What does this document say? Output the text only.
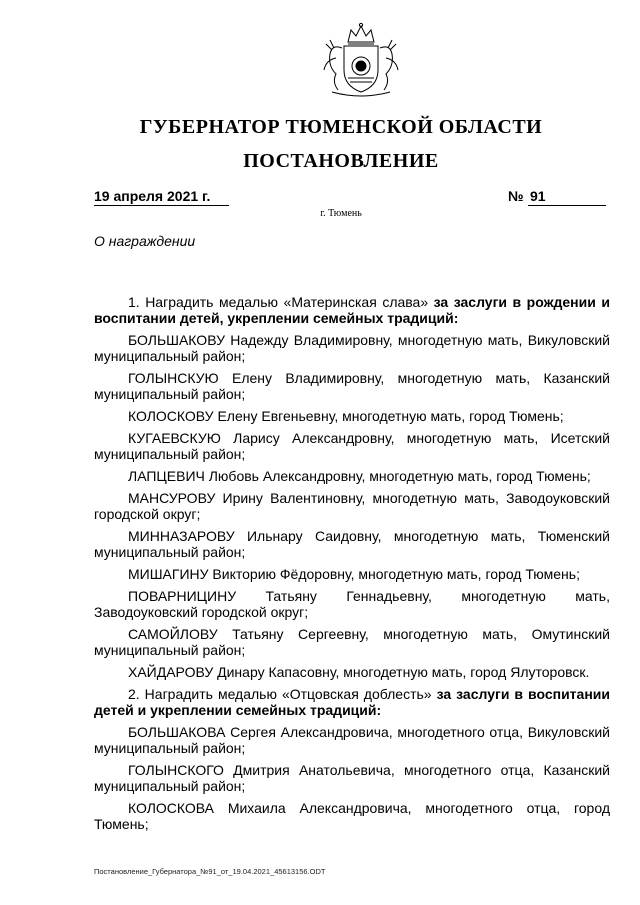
ГУБЕРНАТОР ТЮМЕНСКОЙ ОБЛАСТИ
ПОСТАНОВЛЕНИЕ
19 апреля 2021 г.	№ 91
г. Тюмень
О награждении
1. Наградить медалью «Материнская слава» за заслуги в рождении и воспитании детей, укреплении семейных традиций:
БОЛЬШАКОВУ Надежду Владимировну, многодетную мать, Викуловский муниципальный район;
ГОЛЫНСКУЮ Елену Владимировну, многодетную мать, Казанский муниципальный район;
КОЛОСКОВУ Елену Евгеньевну, многодетную мать, город Тюмень;
КУГАЕВСКУЮ Ларису Александровну, многодетную мать, Исетский муниципальный район;
ЛАПЦЕВИЧ Любовь Александровну, многодетную мать, город Тюмень;
МАНСУРОВУ Ирину Валентиновну, многодетную мать, Заводоуковский городской округ;
МИННАЗАРОВУ Ильнару Саидовну, многодетную мать, Тюменский муниципальный район;
МИШАГИНУ Викторию Фёдоровну, многодетную мать, город Тюмень;
ПОВАРНИЦИНУ Татьяну Геннадьевну, многодетную мать, Заводоуковский городской округ;
САМОЙЛОВУ Татьяну Сергеевну, многодетную мать, Омутинский муниципальный район;
ХАЙДАРОВУ Динару Капасовну, многодетную мать, город Ялуторовск.
2. Наградить медалью «Отцовская доблесть» за заслуги в воспитании детей и укреплении семейных традиций:
БОЛЬШАКОВА Сергея Александровича, многодетного отца, Викуловский муниципальный район;
ГОЛЫНСКОГО Дмитрия Анатольевича, многодетного отца, Казанский муниципальный район;
КОЛОСКОВА Михаила Александровича, многодетного отца, город Тюмень;
Постановление_Губернатора_№91_от_19.04.2021_45613156.ODT
